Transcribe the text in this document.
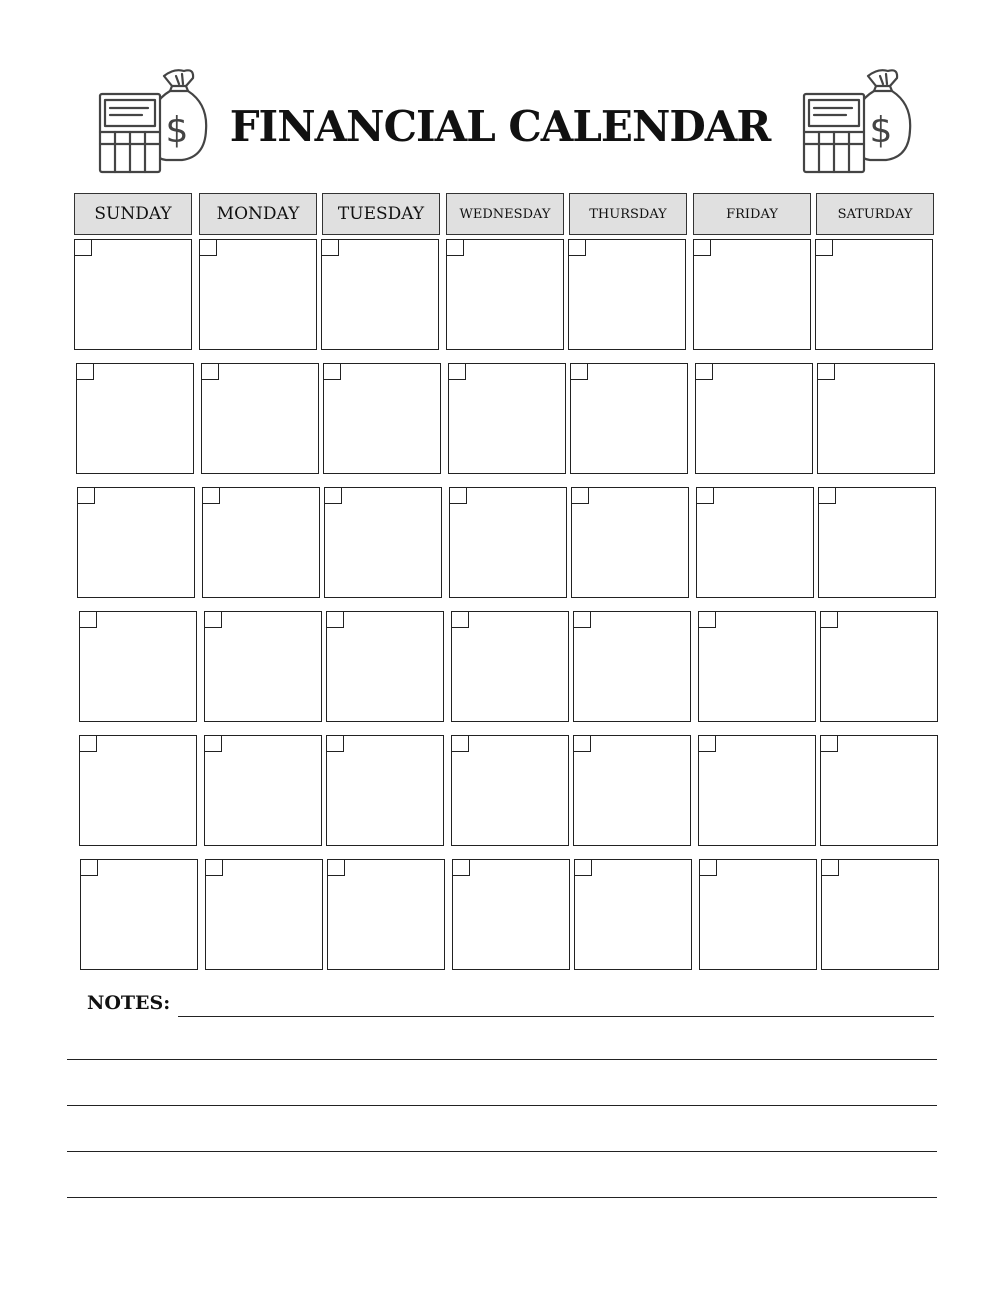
$ FINANCIAL CALENDAR	$
SUNDAY	MONDAY	TUESDAY	WEDNESDAY	THURSDAY	FRIDAY	SATURDAY
NOTES:
